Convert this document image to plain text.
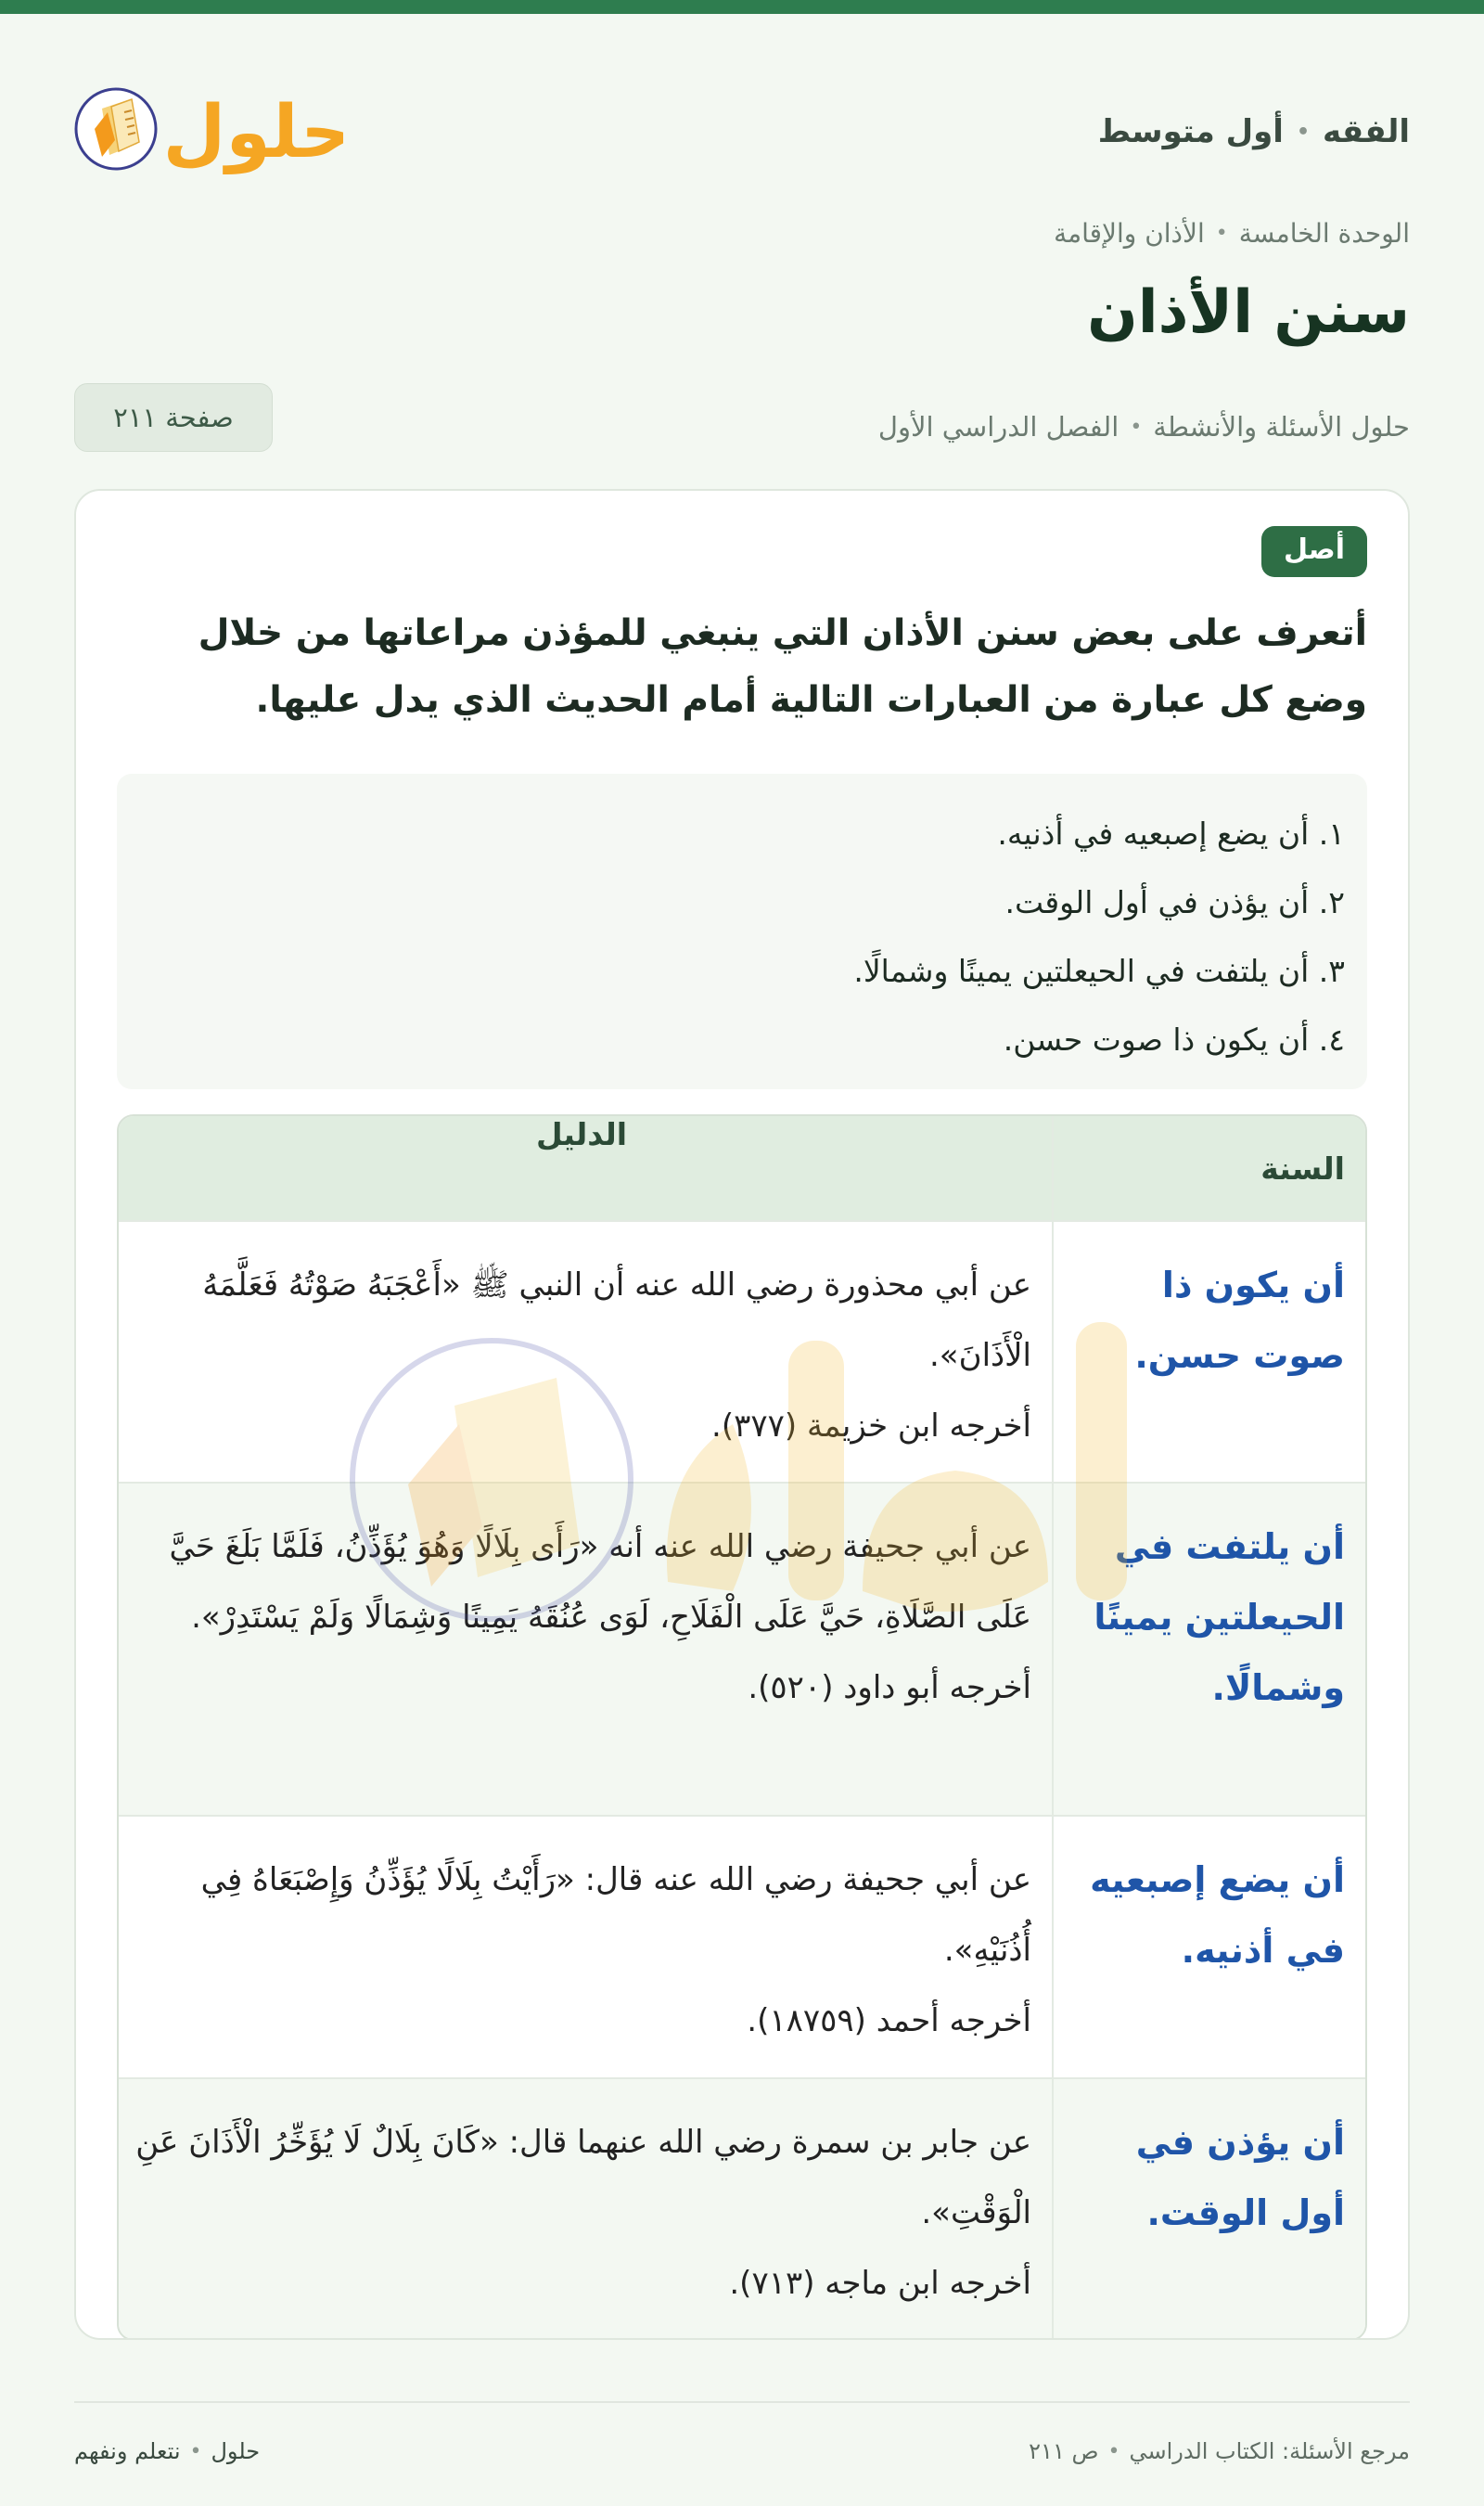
الفقه
•
أول متوسط
حلول
الوحدة الخامسة
•
الأذان والإقامة
سنن الأذان
حلول الأسئلة والأنشطة
•
الفصل الدراسي الأول
صفحة ٢١١
أصل

أتعرف على بعض سنن الأذان التي ينبغي للمؤذن مراعاتها من خلال وضع كل عبارة من العبارات التالية أمام الحديث الذي يدل عليها.

١. أن يضع إصبعيه في أذنيه.
٢. أن يؤذن في أول الوقت.
٣. أن يلتفت في الحيعلتين يمينًا وشمالًا.
٤. أن يكون ذا صوت حسن.
السنة
الدليل
أن يكون ذا صوت حسن.
عن أبي محذورة رضي الله عنه أن النبي ﷺ «أَعْجَبَهُ صَوْتُهُ فَعَلَّمَهُ الْأَذَانَ».
أخرجه ابن خزيمة (٣٧٧).
أن يلتفت في الحيعلتين يمينًا وشمالًا.
عن أبي جحيفة رضي الله عنه أنه «رَأَى بِلَالًا وَهُوَ يُؤَذِّنُ، فَلَمَّا بَلَغَ حَيَّ عَلَى الصَّلَاةِ، حَيَّ عَلَى الْفَلَاحِ، لَوَى عُنُقَهُ يَمِينًا وَشِمَالًا وَلَمْ يَسْتَدِرْ».
أخرجه أبو داود (٥٢٠).
أن يضع إصبعيه في أذنيه.
عن أبي جحيفة رضي الله عنه قال: «رَأَيْتُ بِلَالًا يُؤَذِّنُ وَإِصْبَعَاهُ فِي أُذُنَيْهِ».
أخرجه أحمد (١٨٧٥٩).
أن يؤذن في أول الوقت.
عن جابر بن سمرة رضي الله عنهما قال: «كَانَ بِلَالٌ لَا يُؤَخِّرُ الْأَذَانَ عَنِ الْوَقْتِ».
أخرجه ابن ماجه (٧١٣).
مرجع الأسئلة: الكتاب الدراسي
•
ص ٢١١
حلول
•
نتعلم ونفهم
